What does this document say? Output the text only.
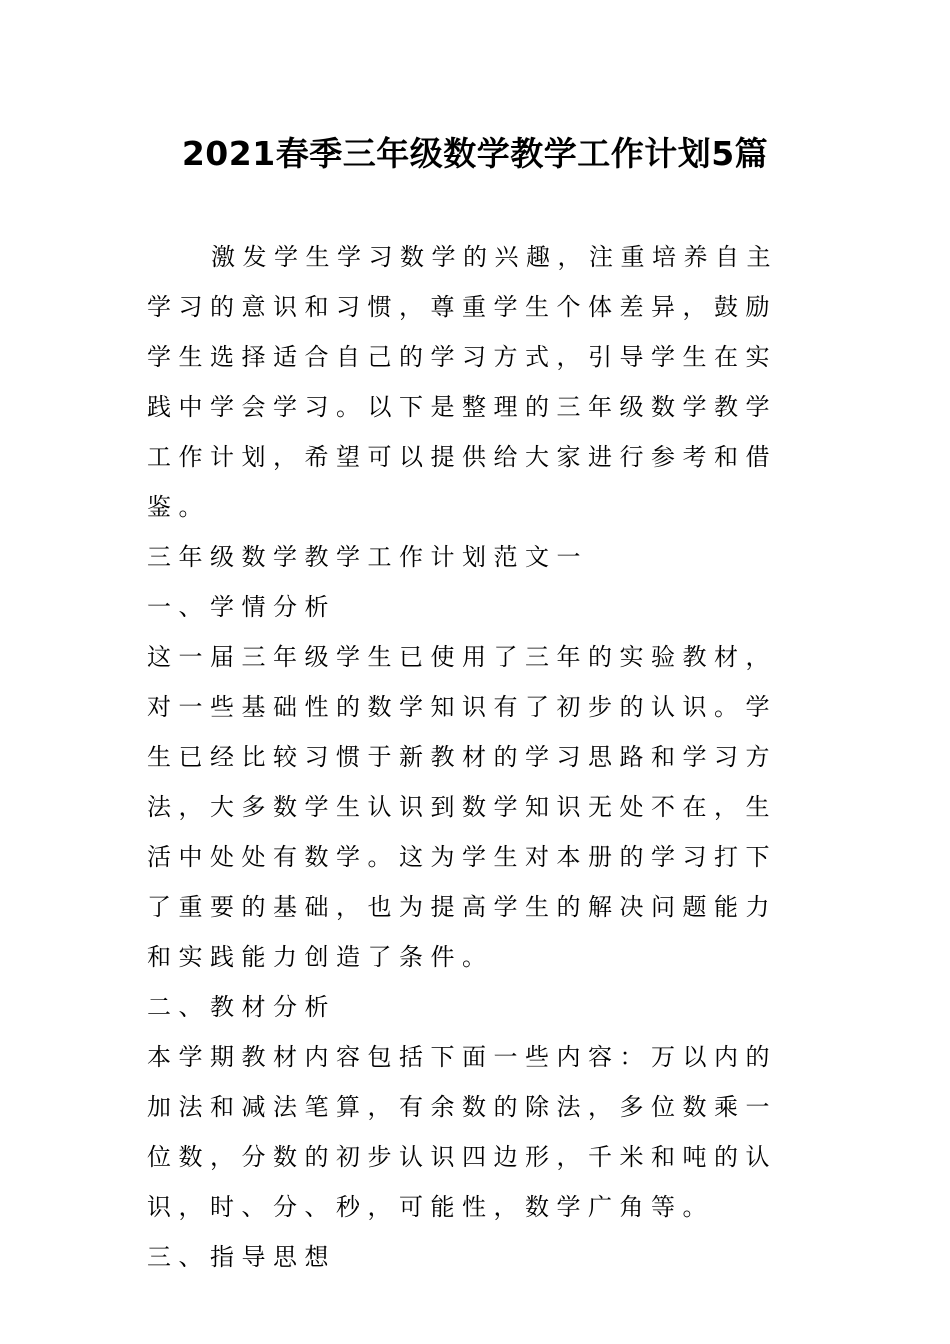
2021春季三年级数学教学工作计划5篇

激发学生学习数学的兴趣，注重培养自主学习的意识和习惯，尊重学生个体差异，鼓励学生选择适合自己的学习方式，引导学生在实践中学会学习。以下是整理的三年级数学教学工作计划，希望可以提供给大家进行参考和借鉴。

三年级数学教学工作计划范文一

一、学情分析

这一届三年级学生已使用了三年的实验教材，对一些基础性的数学知识有了初步的认识。学生已经比较习惯于新教材的学习思路和学习方法，大多数学生认识到数学知识无处不在，生活中处处有数学。这为学生对本册的学习打下了重要的基础，也为提高学生的解决问题能力和实践能力创造了条件。

二、教材分析

本学期教材内容包括下面一些内容：万以内的加法和减法笔算，有余数的除法，多位数乘一位数，分数的初步认识四边形，千米和吨的认识，时、分、秒，可能性，数学广角等。

三、指导思想
